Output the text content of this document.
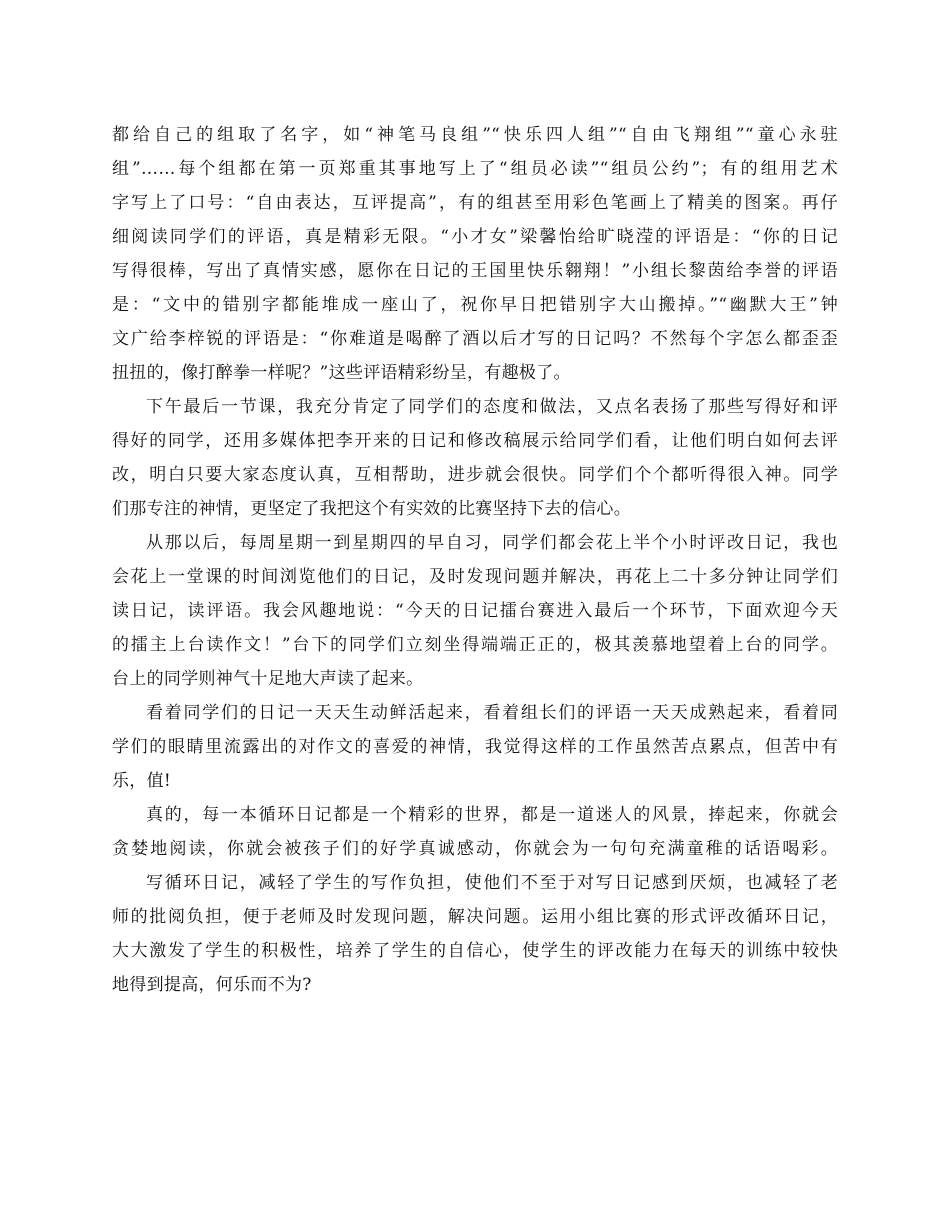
都给自己的组取了名字，如“神笔马良组”“快乐四人组”“自由飞翔组”“童心永驻
组”……每个组都在第一页郑重其事地写上了“组员必读”“组员公约”；有的组用艺术
字写上了口号：“自由表达，互评提高”，有的组甚至用彩色笔画上了精美的图案。再仔
细阅读同学们的评语，真是精彩无限。“小才女”梁馨怡给旷晓滢的评语是：“你的日记
写得很棒，写出了真情实感，愿你在日记的王国里快乐翱翔！”小组长黎茵给李誉的评语
是：“文中的错别字都能堆成一座山了，祝你早日把错别字大山搬掉。”“幽默大王”钟
文广给李梓锐的评语是：“你难道是喝醉了酒以后才写的日记吗？不然每个字怎么都歪歪
扭扭的，像打醉拳一样呢？”这些评语精彩纷呈，有趣极了。
下午最后一节课，我充分肯定了同学们的态度和做法，又点名表扬了那些写得好和评
得好的同学，还用多媒体把李开来的日记和修改稿展示给同学们看，让他们明白如何去评
改，明白只要大家态度认真，互相帮助，进步就会很快。同学们个个都听得很入神。同学
们那专注的神情，更坚定了我把这个有实效的比赛坚持下去的信心。
从那以后，每周星期一到星期四的早自习，同学们都会花上半个小时评改日记，我也
会花上一堂课的时间浏览他们的日记，及时发现问题并解决，再花上二十多分钟让同学们
读日记，读评语。我会风趣地说：“今天的日记擂台赛进入最后一个环节，下面欢迎今天
的擂主上台读作文！”台下的同学们立刻坐得端端正正的，极其羡慕地望着上台的同学。
台上的同学则神气十足地大声读了起来。
看着同学们的日记一天天生动鲜活起来，看着组长们的评语一天天成熟起来，看着同
学们的眼睛里流露出的对作文的喜爱的神情，我觉得这样的工作虽然苦点累点，但苦中有
乐，值!
真的，每一本循环日记都是一个精彩的世界，都是一道迷人的风景，捧起来，你就会
贪婪地阅读，你就会被孩子们的好学真诚感动，你就会为一句句充满童稚的话语喝彩。
写循环日记，减轻了学生的写作负担，使他们不至于对写日记感到厌烦，也减轻了老
师的批阅负担，便于老师及时发现问题，解决问题。运用小组比赛的形式评改循环日记，
大大激发了学生的积极性，培养了学生的自信心，使学生的评改能力在每天的训练中较快
地得到提高，何乐而不为?
